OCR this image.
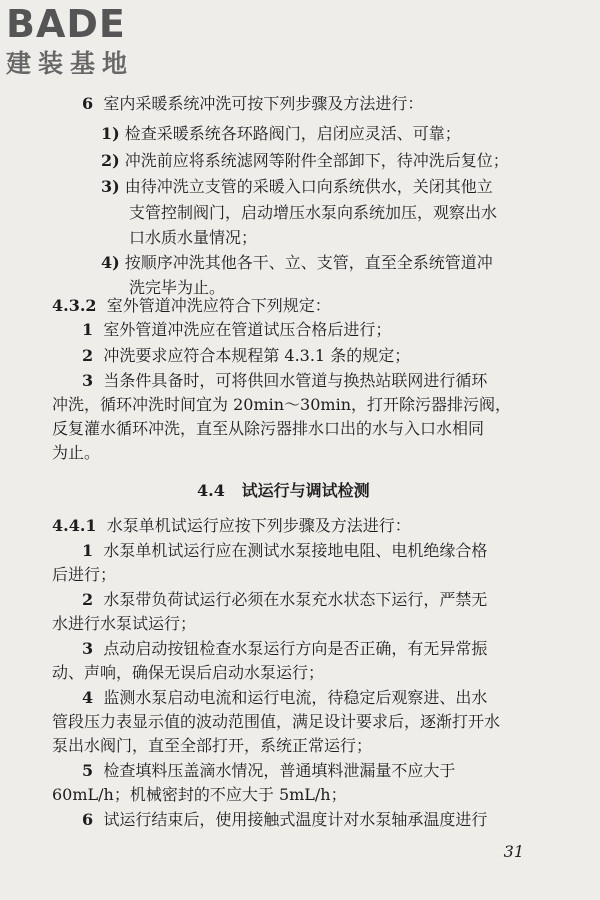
BADE
建装基地
6 室内采暖系统冲洗可按下列步骤及方法进行：
1) 检查采暖系统各环路阀门，启闭应灵活、可靠；
2) 冲洗前应将系统滤网等附件全部卸下，待冲洗后复位；
3) 由待冲洗立支管的采暖入口向系统供水，关闭其他立
支管控制阀门，启动增压水泵向系统加压，观察出水
口水质水量情况；
4) 按顺序冲洗其他各干、立、支管，直至全系统管道冲
洗完毕为止。
4.3.2 室外管道冲洗应符合下列规定：
1 室外管道冲洗应在管道试压合格后进行；
2 冲洗要求应符合本规程第 4.3.1 条的规定；
3 当条件具备时，可将供回水管道与换热站联网进行循环
冲洗，循环冲洗时间宜为 20min～30min，打开除污器排污阀，
反复灌水循环冲洗，直至从除污器排水口出的水与入口水相同
为止。
4.4 试运行与调试检测
4.4.1 水泵单机试运行应按下列步骤及方法进行：
1 水泵单机试运行应在测试水泵接地电阻、电机绝缘合格
后进行；
2 水泵带负荷试运行必须在水泵充水状态下运行，严禁无
水进行水泵试运行；
3 点动启动按钮检查水泵运行方向是否正确，有无异常振
动、声响，确保无误后启动水泵运行；
4 监测水泵启动电流和运行电流，待稳定后观察进、出水
管段压力表显示值的波动范围值，满足设计要求后，逐渐打开水
泵出水阀门，直至全部打开，系统正常运行；
5 检查填料压盖滴水情况，普通填料泄漏量不应大于
60mL/h；机械密封的不应大于 5mL/h；
6 试运行结束后，使用接触式温度计对水泵轴承温度进行
31
